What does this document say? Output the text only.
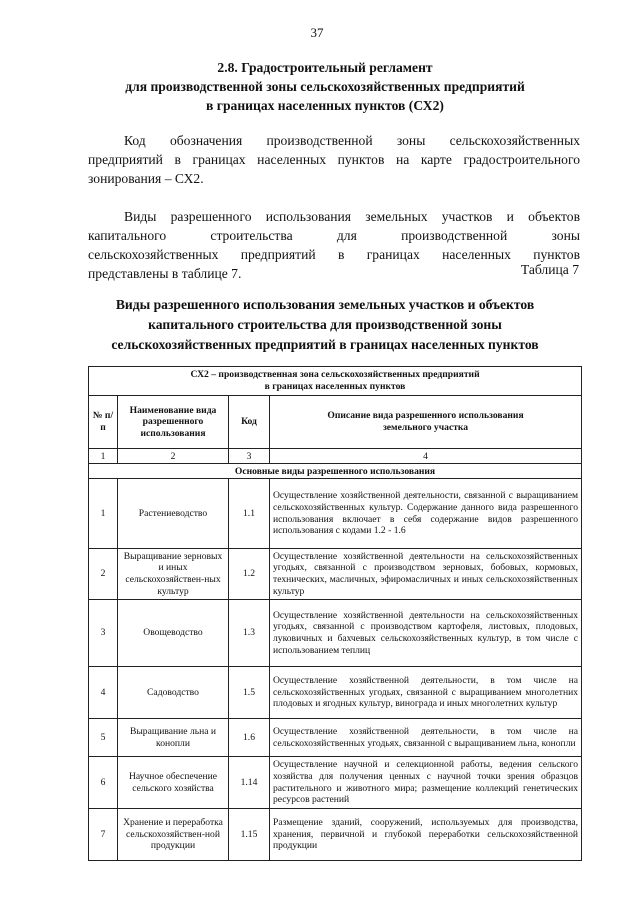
37
2.8. Градостроительный регламент
для производственной зоны сельскохозяйственных предприятий
в границах населенных пунктов (СХ2)
Код обозначения производственной зоны сельскохозяйственных
предприятий в границах населенных пунктов на карте градостроительного
зонирования – СХ2.
Виды разрешенного использования земельных участков и объектов
капитального строительства для производственной зоны
сельскохозяйственных предприятий в границах населенных пунктов
представлены в таблице 7.	Таблица 7
Виды разрешенного использования земельных участков и объектов
капитального строительства для производственной зоны
сельскохозяйственных предприятий в границах населенных пунктов
СХ2 – производственная зона сельскохозяйственных предприятий
в границах населенных пунктов			

№ п/п	Наименование вида разрешенного использования	Код	Описание вида разрешенного использования земельного участка
1	2	3	4
Основные виды разрешенного использования			
1	Растениеводство	1.1	Осуществление хозяйственной деятельности, связанной с выращиванием сельскохозяйственных культур. Содержание данного вида разрешенного использования включает в себя содержание видов разрешенного использования с кодами 1.2 - 1.6
2	Выращивание зерновых и иных сельскохозяйствен-ных культур	1.2	Осуществление хозяйственной деятельности на сельскохозяйственных угодьях, связанной с производством зерновых, бобовых, кормовых, технических, масличных, эфиромасличных и иных сельскохозяйственных культур
3	Овощеводство	1.3	Осуществление хозяйственной деятельности на сельскохозяйственных угодьях, связанной с производством картофеля, листовых, плодовых, луковичных и бахчевых сельскохозяйственных культур, в том числе с использованием теплиц
4	Садоводство	1.5	Осуществление хозяйственной деятельности, в том числе на сельскохозяйственных угодьях, связанной с выращиванием многолетних плодовых и ягодных культур, винограда и иных многолетних культур
5	Выращивание льна и конопли	1.6	Осуществление хозяйственной деятельности, в том числе на сельскохозяйственных угодьях, связанной с выращиванием льна, конопли
6	Научное обеспечение сельского хозяйства	1.14	Осуществление научной и селекционной работы, ведения сельского хозяйства для получения ценных с научной точки зрения образцов растительного и животного мира; размещение коллекций генетических ресурсов растений
7	Хранение и переработка сельскохозяйствен-ной продукции	1.15	Размещение зданий, сооружений, используемых для производства, хранения, первичной и глубокой переработки сельскохозяйственной продукции
